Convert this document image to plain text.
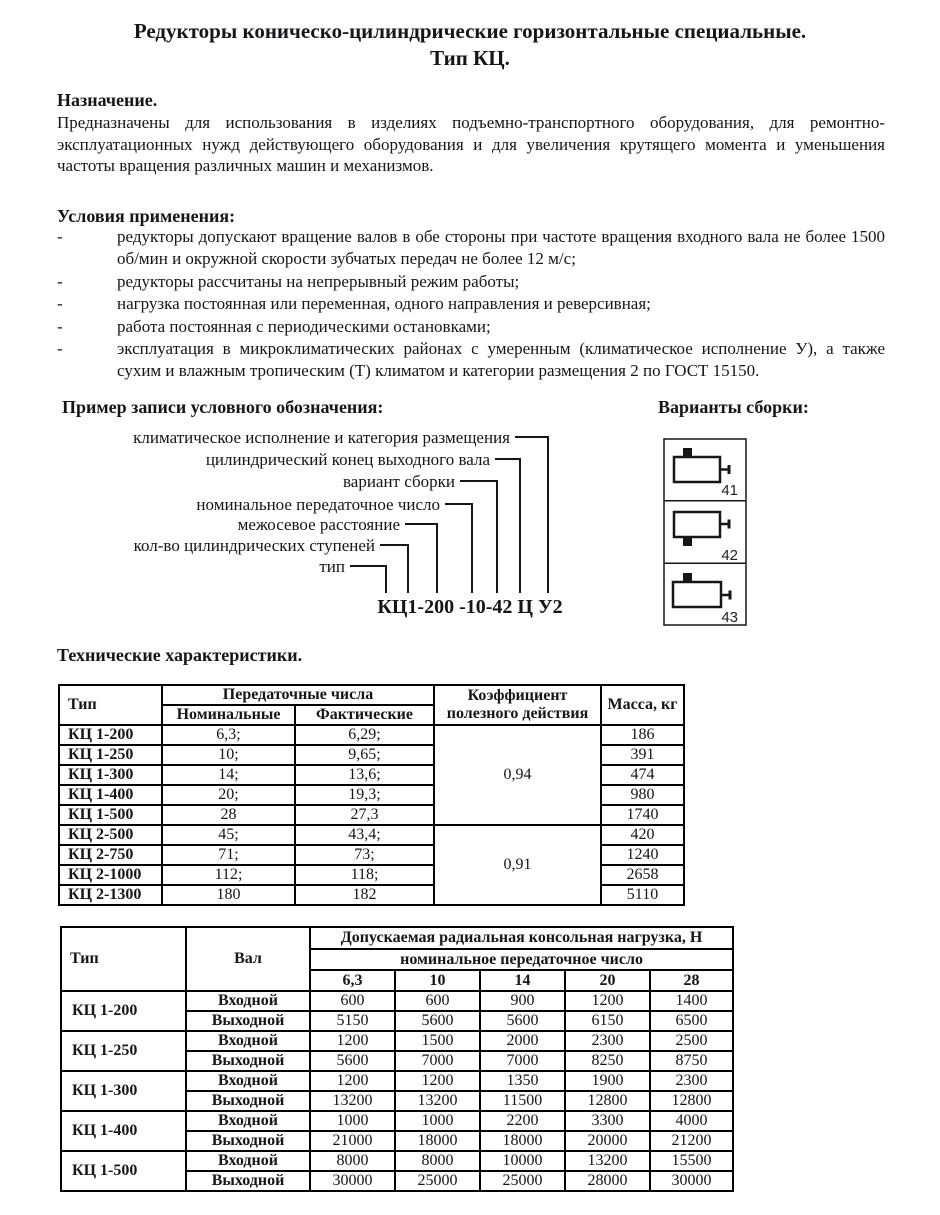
Редукторы коническо-цилиндрические горизонтальные специальные.
Тип КЦ.
Назначение.
Предназначены для использования в изделиях подъемно-транспортного оборудования, для ремонтно-эксплуатационных нужд действующего оборудования и для увеличения крутящего момента и уменьшения частоты вращения различных машин и механизмов.
Условия применения:
-	редукторы допускают вращение валов в обе стороны при частоте вращения входного вала не более 1500 об/мин и окружной скорости зубчатых передач не более 12 м/с;
-	редукторы рассчитаны на непрерывный режим работы;
-	нагрузка постоянная или переменная, одного направления и реверсивная;
-	работа постоянная с периодическими остановками;
-	эксплуатация в микроклиматических районах с умеренным (климатическое исполнение У), а также сухим и влажным тропическим (Т) климатом и категории размещения 2 по ГОСТ 15150.
Пример записи условного обозначения:
климатическое исполнение и категория размещения
цилиндрический конец выходного вала
вариант сборки
номинальное передаточное число
межосевое расстояние
кол-во цилиндрических ступеней
тип
КЦ1-200 -10-42 Ц У2
Варианты сборки:
41
42
43
Технические характеристики.
Тип	Передаточные числа		Коэффициент полезного действия	Масса, кг
	Номинальные	Фактические		
КЦ 1-200	6,3;	6,29;	0,94	186
КЦ 1-250	10;	9,65;		391
КЦ 1-300	14;	13,6;		474
КЦ 1-400	20;	19,3;		980
КЦ 1-500	28	27,3		1740
КЦ 2-500	45;	43,4;	0,91	420
КЦ 2-750	71;	73;		1240
КЦ 2-1000	112;	118;		2658
КЦ 2-1300	180	182		5110
Тип	Вал	Допускаемая радиальная консольная нагрузка, Н				
		номинальное передаточное число				
		6,3	10	14	20	28
КЦ 1-200	Входной	600	600	900	1200	1400
	Выходной	5150	5600	5600	6150	6500
КЦ 1-250	Входной	1200	1500	2000	2300	2500
	Выходной	5600	7000	7000	8250	8750
КЦ 1-300	Входной	1200	1200	1350	1900	2300
	Выходной	13200	13200	11500	12800	12800
КЦ 1-400	Входной	1000	1000	2200	3300	4000
	Выходной	21000	18000	18000	20000	21200
КЦ 1-500	Входной	8000	8000	10000	13200	15500
	Выходной	30000	25000	25000	28000	30000
